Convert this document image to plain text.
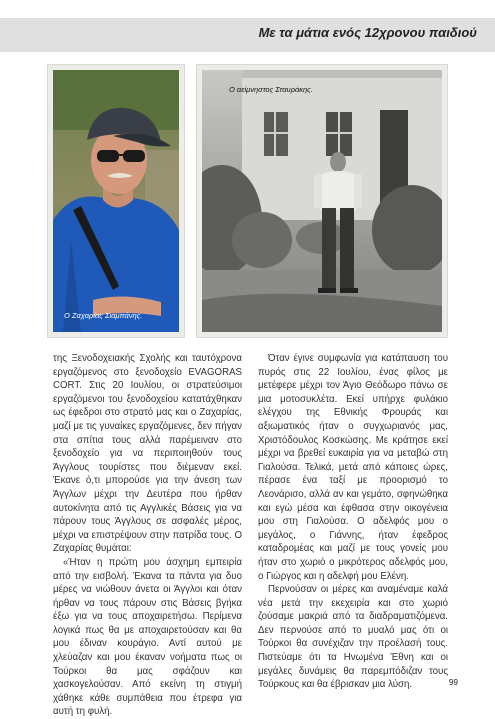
Με τα μάτια ενός 12χρονου παιδιού
Ο Ζαχαρίας Σιαμπάνης.
Ο αείμνηστος Σταυράκης.

της Ξενοδοχειακής Σχολής και ταυτόχρονα εργαζόμενος στο ξενοδοχείο EVAGORAS CORT. Στις 20 Ιουλίου, οι στρατεύσιμοι εργαζόμενοι του ξενοδοχείου κατατάχθηκαν ως έφεδροι στο στρατό μας και ο Ζαχαρίας, μαζί με τις γυναίκες εργαζόμενες, δεν πήγαν στα σπίτια τους αλλά παρέμειναν στο ξενοδοχείο για να περιποιηθούν τους Άγγλους τουρίστες που διέμεναν εκεί. Έκανε ό,τι μπορούσε για την άνεση των Άγγλων μέχρι την Δευτέρα που ήρθαν αυτοκίνητα από τις Αγγλικές Βάσεις για να πάρουν τους Άγγλους σε ασφαλές μέρος, μέχρι να επιστρέψουν στην πατρίδα τους. Ο Ζαχαρίας θυμάται:

«Ήταν η πρώτη μου άσχημη εμπειρία από την εισβολή. Έκανα τα πάντα για δυο μέρες να νιώθουν άνετα οι Άγγλοι και όταν ήρθαν να τους πάρουν στις Βάσεις βγήκα έξω για να τους αποχαιρετήσω. Περίμενα λογικά πως θα με αποχαιρετούσαν και θα μου έδιναν κουράγιο. Αντί αυτού με χλεύαζαν και μου έκαναν νοήματα πως οι Τούρκοι θα μας σφάζουν και χασκογελούσαν. Από εκείνη τη στιγμή χάθηκε κάθε συμπάθεια που έτρεφα για αυτή τη φυλή.

Όταν έγινε συμφωνία για κατάπαυση του πυρός στις 22 Ιουλίου, ένας φίλος με μετέφερε μέχρι τον Άγιο Θεόδωρο πάνω σε μια μοτοσυκλέτα. Εκεί υπήρχε φυλάκιο ελέγχου της Εθνικής Φρουράς και αξιωματικός ήταν ο συγχωριανός μας, Χριστόδουλος Κοσκώσης. Με κράτησε εκεί μέχρι να βρεθεί ευκαιρία για να μεταβώ στη Γιαλούσα. Τελικά, μετά από κάποιες ώρες, πέρασε ένα ταξί με προορισμό το Λεονάρισο, αλλά αν και γεμάτο, σφηνώθηκα και εγώ μέσα και έφθασα στην οικογένεια μου στη Γιαλούσα. Ο αδελφός μου ο μεγάλος, ο Γιάννης, ήταν έφεδρος καταδρομέας και μαζί με τους γονείς μου ήταν στο χωριό ο μικρότερος αδελφός μου, ο Γιώργος και η αδελφή μου Ελένη.

Περνούσαν οι μέρες και αναμέναμε καλά νέα μετά την εκεχειρία και στο χωριό ζούσαμε μακριά από τα διαδραματιζόμενα. Δεν περνούσε από το μυαλό μας ότι οι Τούρκοι θα συνέχιζαν την προέλασή τους. Πιστεύαμε ότι τα Ηνωμένα Έθνη και οι μεγάλες δυνάμεις θα παρεμπόδιζαν τους Τούρκους και θα έβρισκαν μια λύση.	99
